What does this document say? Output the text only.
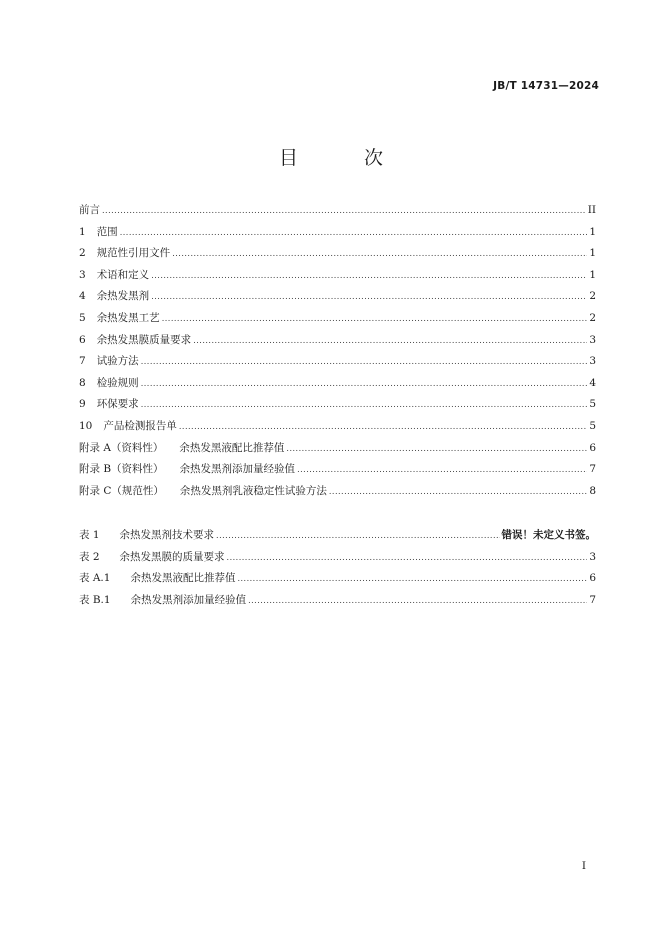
JB/T 14731—2024
目 次
前言 .....	II
1 范围 .....	1
2 规范性引用文件 .....	1
3 术语和定义 .....	1
4 余热发黑剂 .....	2
5 余热发黑工艺 .....	2
6 余热发黑膜质量要求 .....	3
7 试验方法 .....	3
8 检验规则 .....	4
9 环保要求 .....	5
10 产品检测报告单 .....	5
附录 A（资料性） 余热发黑液配比推荐值 .....	6
附录 B（资料性） 余热发黑剂添加量经验值 .....	7
附录 C（规范性） 余热发黑剂乳液稳定性试验方法 .....	8
表 1 余热发黑剂技术要求 .....	错误！未定义书签。
表 2 余热发黑膜的质量要求 .....	3
表 A.1 余热发黑液配比推荐值 .....	6
表 B.1 余热发黑剂添加量经验值 .....	7
I
